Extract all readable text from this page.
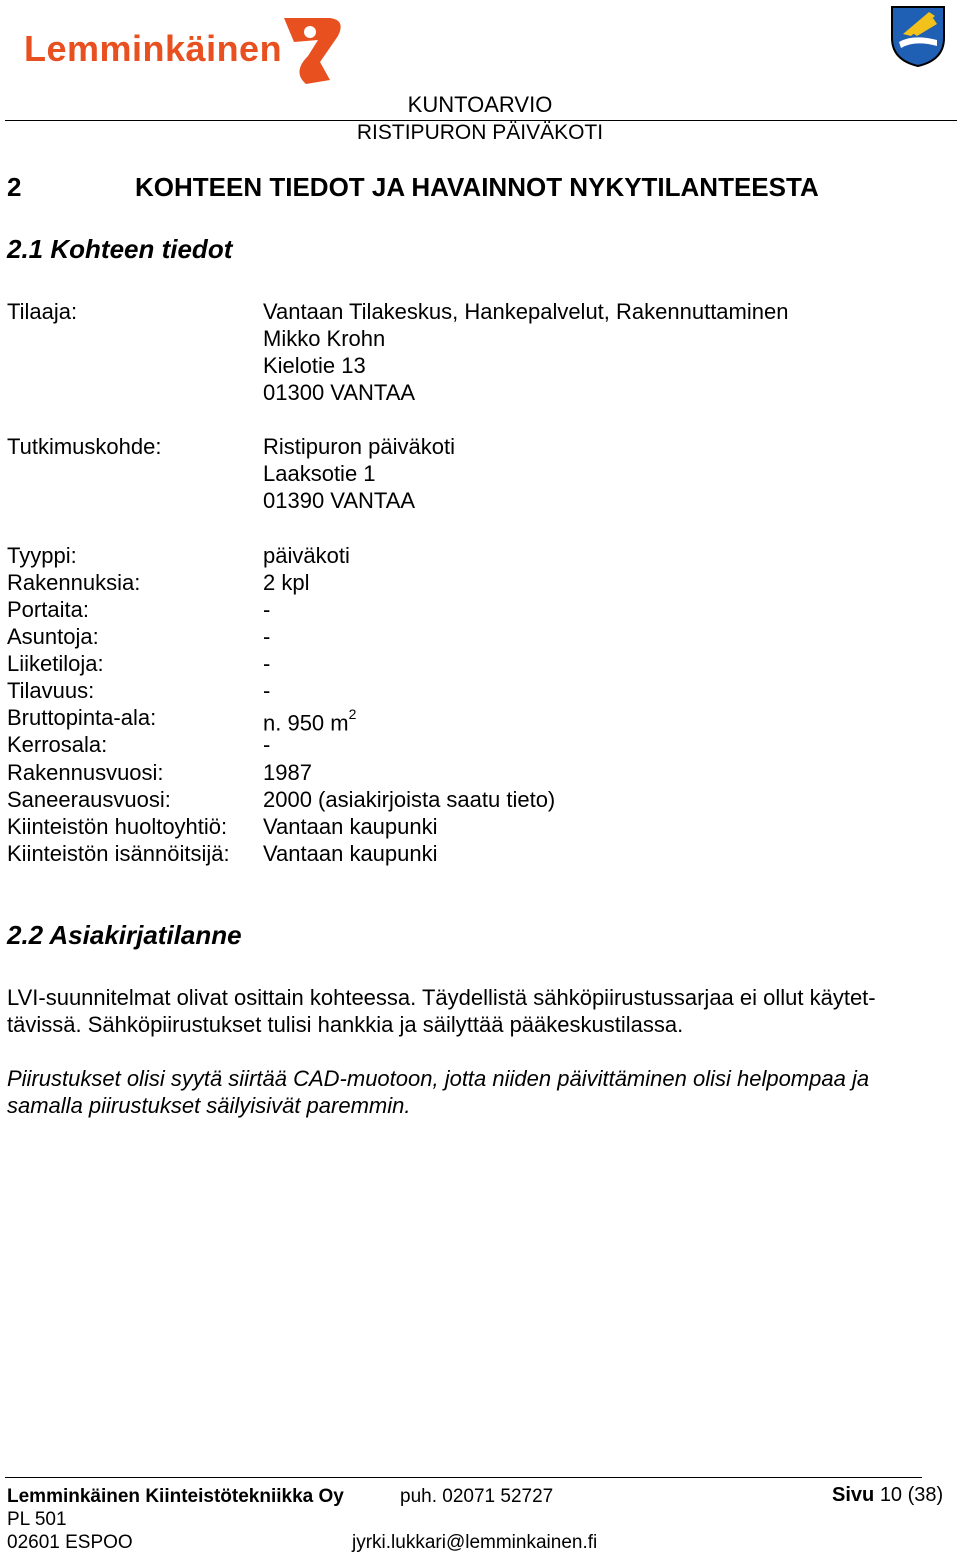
Lemminkäinen
KUNTOARVIO
RISTIPURON PÄIVÄKOTI
2	KOHTEEN TIEDOT JA HAVAINNOT NYKYTILANTEESTA
2.1 Kohteen tiedot
Tilaaja:	Vantaan Tilakeskus, Hankepalvelut, Rakennuttaminen
Mikko Krohn
Kielotie 13
01300 VANTAA
Tutkimuskohde:	Ristipuron päiväkoti
Laaksotie 1
01390 VANTAA
Tyyppi:	päiväkoti
Rakennuksia:	2 kpl
Portaita:	-
Asuntoja:	-
Liiketiloja:	-
Tilavuus:	-
Bruttopinta-ala:	n. 950 $m^2$
Kerrosala:	-
Rakennusvuosi:	1987
Saneerausvuosi:	2000 (asiakirjoista saatu tieto)
Kiinteistön huoltoyhtiö: Vantaan kaupunki
Kiinteistön isännöitsijä: Vantaan kaupunki
2.2 Asiakirjatilanne
LVI-suunnitelmat olivat osittain kohteessa. Täydellistä sähköpiirustussarjaa ei ollut käytet-
tävissä. Sähköpiirustukset tulisi hankkia ja säilyttää pääkeskustilassa.
Piirustukset olisi syytä siirtää CAD-muotoon, jotta niiden päivittäminen olisi helpompaa ja
samalla piirustukset säilyisivät paremmin.
Lemminkäinen Kiinteistötekniikka Oy	puh. 02071 52727	Sivu 10 (38)
PL 501
02601 ESPOO	jyrki.lukkari@lemminkainen.fi
